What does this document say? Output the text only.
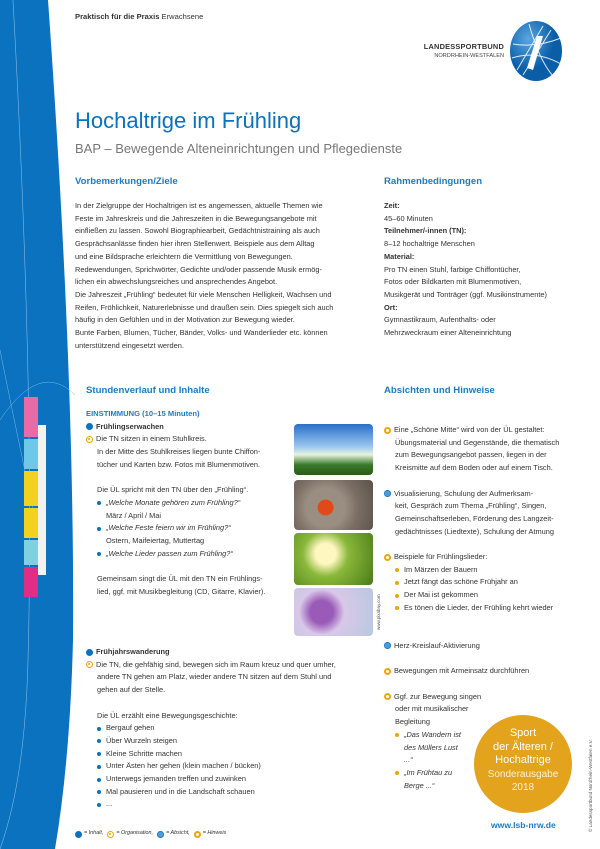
Praktisch für die Praxis Erwachsene
LANDESSPORTBUND
NORDRHEIN-WESTFALEN
Hochaltrige im Frühling
BAP – Bewegende Alteneinrichtungen und Pflegedienste
Vorbemerkungen/Ziele
In der Zielgruppe der Hochaltrigen ist es angemessen, aktuelle Themen wie
Feste im Jahreskreis und die Jahreszeiten in die Bewegungsangebote mit
einfließen zu lassen. Sowohl Biographiearbeit, Gedächtnistraining als auch
Gesprächsanlässe finden hier ihren Stellenwert. Beispiele aus dem Alltag
und eine Bildsprache erleichtern die Vermittlung von Bewegungen.
Redewendungen, Sprichwörter, Gedichte und/oder passende Musik ermög-
lichen ein abwechslungsreiches und ansprechendes Angebot.
Die Jahreszeit „Frühling“ bedeutet für viele Menschen Helligkeit, Wachsen und
Reifen, Fröhlichkeit, Naturerlebnisse und draußen sein. Dies spiegelt sich auch
häufig in den Gefühlen und in der Motivation zur Bewegung wieder.
Bunte Farben, Blumen, Tücher, Bänder, Volks- und Wanderlieder etc. können
unterstützend eingesetzt werden.
Rahmenbedingungen
Zeit:
45–60 Minuten
Teilnehmer/-innen (TN):
8–12 hochaltrige Menschen
Material:
Pro TN einen Stuhl, farbige Chiffontücher,
Fotos oder Bildkarten mit Blumenmotiven,
Musikgerät und Tonträger (ggf. Musikinstrumente)
Ort:
Gymnastikraum, Aufenthalts- oder
Mehrzweckraum einer Alteneinrichtung
Stundenverlauf und Inhalte
EINSTIMMUNG (10–15 Minuten)
Frühlingserwachen
Die TN sitzen in einem Stuhlkreis.
In der Mitte des Stuhlkreises liegen bunte Chiffon-
tücher und Karten bzw. Fotos mit Blumenmotiven.

Die ÜL spricht mit den TN über den „Frühling“.
„Welche Monate gehören zum Frühling?“
März / April / Mai
„Welche Feste feiern wir im Frühling?“
Ostern, Maifeiertag, Muttertag
„Welche Lieder passen zum Frühling?“

Gemeinsam singt die ÜL mit den TN ein Frühlings-
lied, ggf. mit Musikbegleitung (CD, Gitarre, Klavier).
www.pixabay.com
Frühjahrswanderung
Die TN, die gehfähig sind, bewegen sich im Raum kreuz und quer umher,
andere TN gehen am Platz, wieder andere TN sitzen auf dem Stuhl und
gehen auf der Stelle.

Die ÜL erzählt eine Bewegungsgeschichte:
Bergauf gehen
Über Wurzeln steigen
Kleine Schritte machen
Unter Ästen her gehen (klein machen / bücken)
Unterwegs jemanden treffen und zuwinken
Mal pausieren und in die Landschaft schauen
...
= Inhalt, = Organisation, = Absicht, = Hinweis
Absichten und Hinweise
Eine „Schöne Mitte“ wird von der ÜL gestaltet:
Übungsmaterial und Gegenstände, die thematisch
zum Bewegungsangebot passen, liegen in der
Kreismitte auf dem Boden oder auf einem Tisch.

Visualisierung, Schulung der Aufmerksam-
keit, Gespräch zum Thema „Frühling“, Singen,
Gemeinschaftserleben, Förderung des Langzeit-
gedächtnisses (Liedtexte), Schulung der Atmung

Beispiele für Frühlingslieder:
Im Märzen der Bauern
Jetzt fängt das schöne Frühjahr an
Der Mai ist gekommen
Es tönen die Lieder, der Frühling kehrt wieder

Herz-Kreislauf-Aktivierung

Bewegungen mit Armeinsatz durchführen

Ggf. zur Bewegung singen
oder mit musikalischer
Begleitung
„Das Wandern ist
des Müllers Lust
...“
„Im Frühtau zu
Berge ...“
Sport
der Älteren /
Hochaltrige
Sonderausgabe
2018
www.lsb-nrw.de	© Landessportbund Nordrhein-Westfalen e.V.
